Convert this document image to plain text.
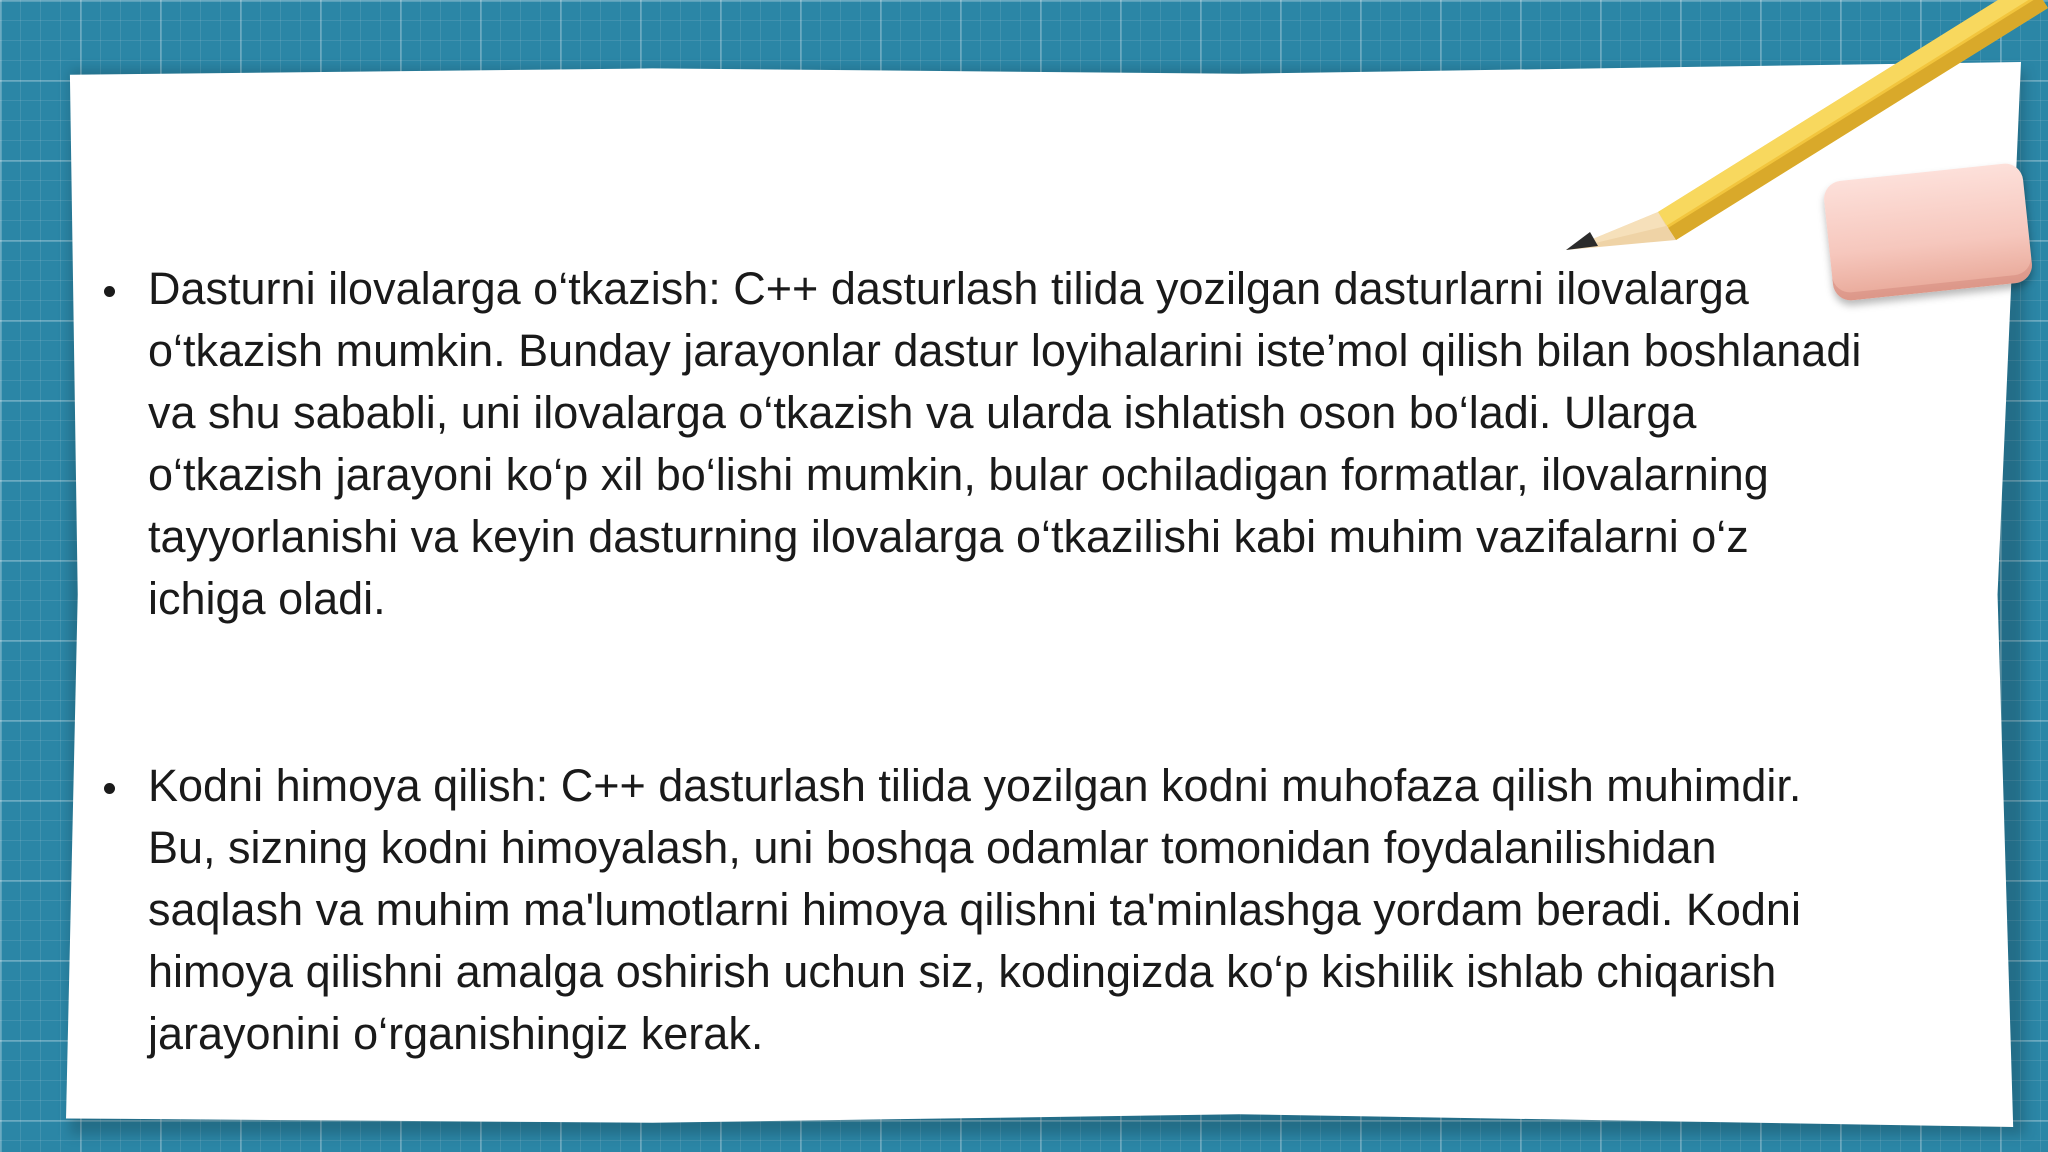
Dasturni ilovalarga o‘tkazish: C++ dasturlash tilida yozilgan dasturlarni ilovalarga o‘tkazish mumkin. Bunday jarayonlar dastur loyihalarini iste’mol qilish bilan boshlanadi va shu sababli, uni ilovalarga o‘tkazish va ularda ishlatish oson bo‘ladi. Ularga o‘tkazish jarayoni ko‘p xil bo‘lishi mumkin, bular ochiladigan formatlar, ilovalarning tayyorlanishi va keyin dasturning ilovalarga o‘tkazilishi kabi muhim vazifalarni o‘z ichiga oladi.
Kodni himoya qilish: C++ dasturlash tilida yozilgan kodni muhofaza qilish muhimdir. Bu, sizning kodni himoyalash, uni boshqa odamlar tomonidan foydalanilishidan saqlash va muhim ma'lumotlarni himoya qilishni ta'minlashga yordam beradi. Kodni himoya qilishni amalga oshirish uchun siz, kodingizda ko‘p kishilik ishlab chiqarish jarayonini o‘rganishingiz kerak.
